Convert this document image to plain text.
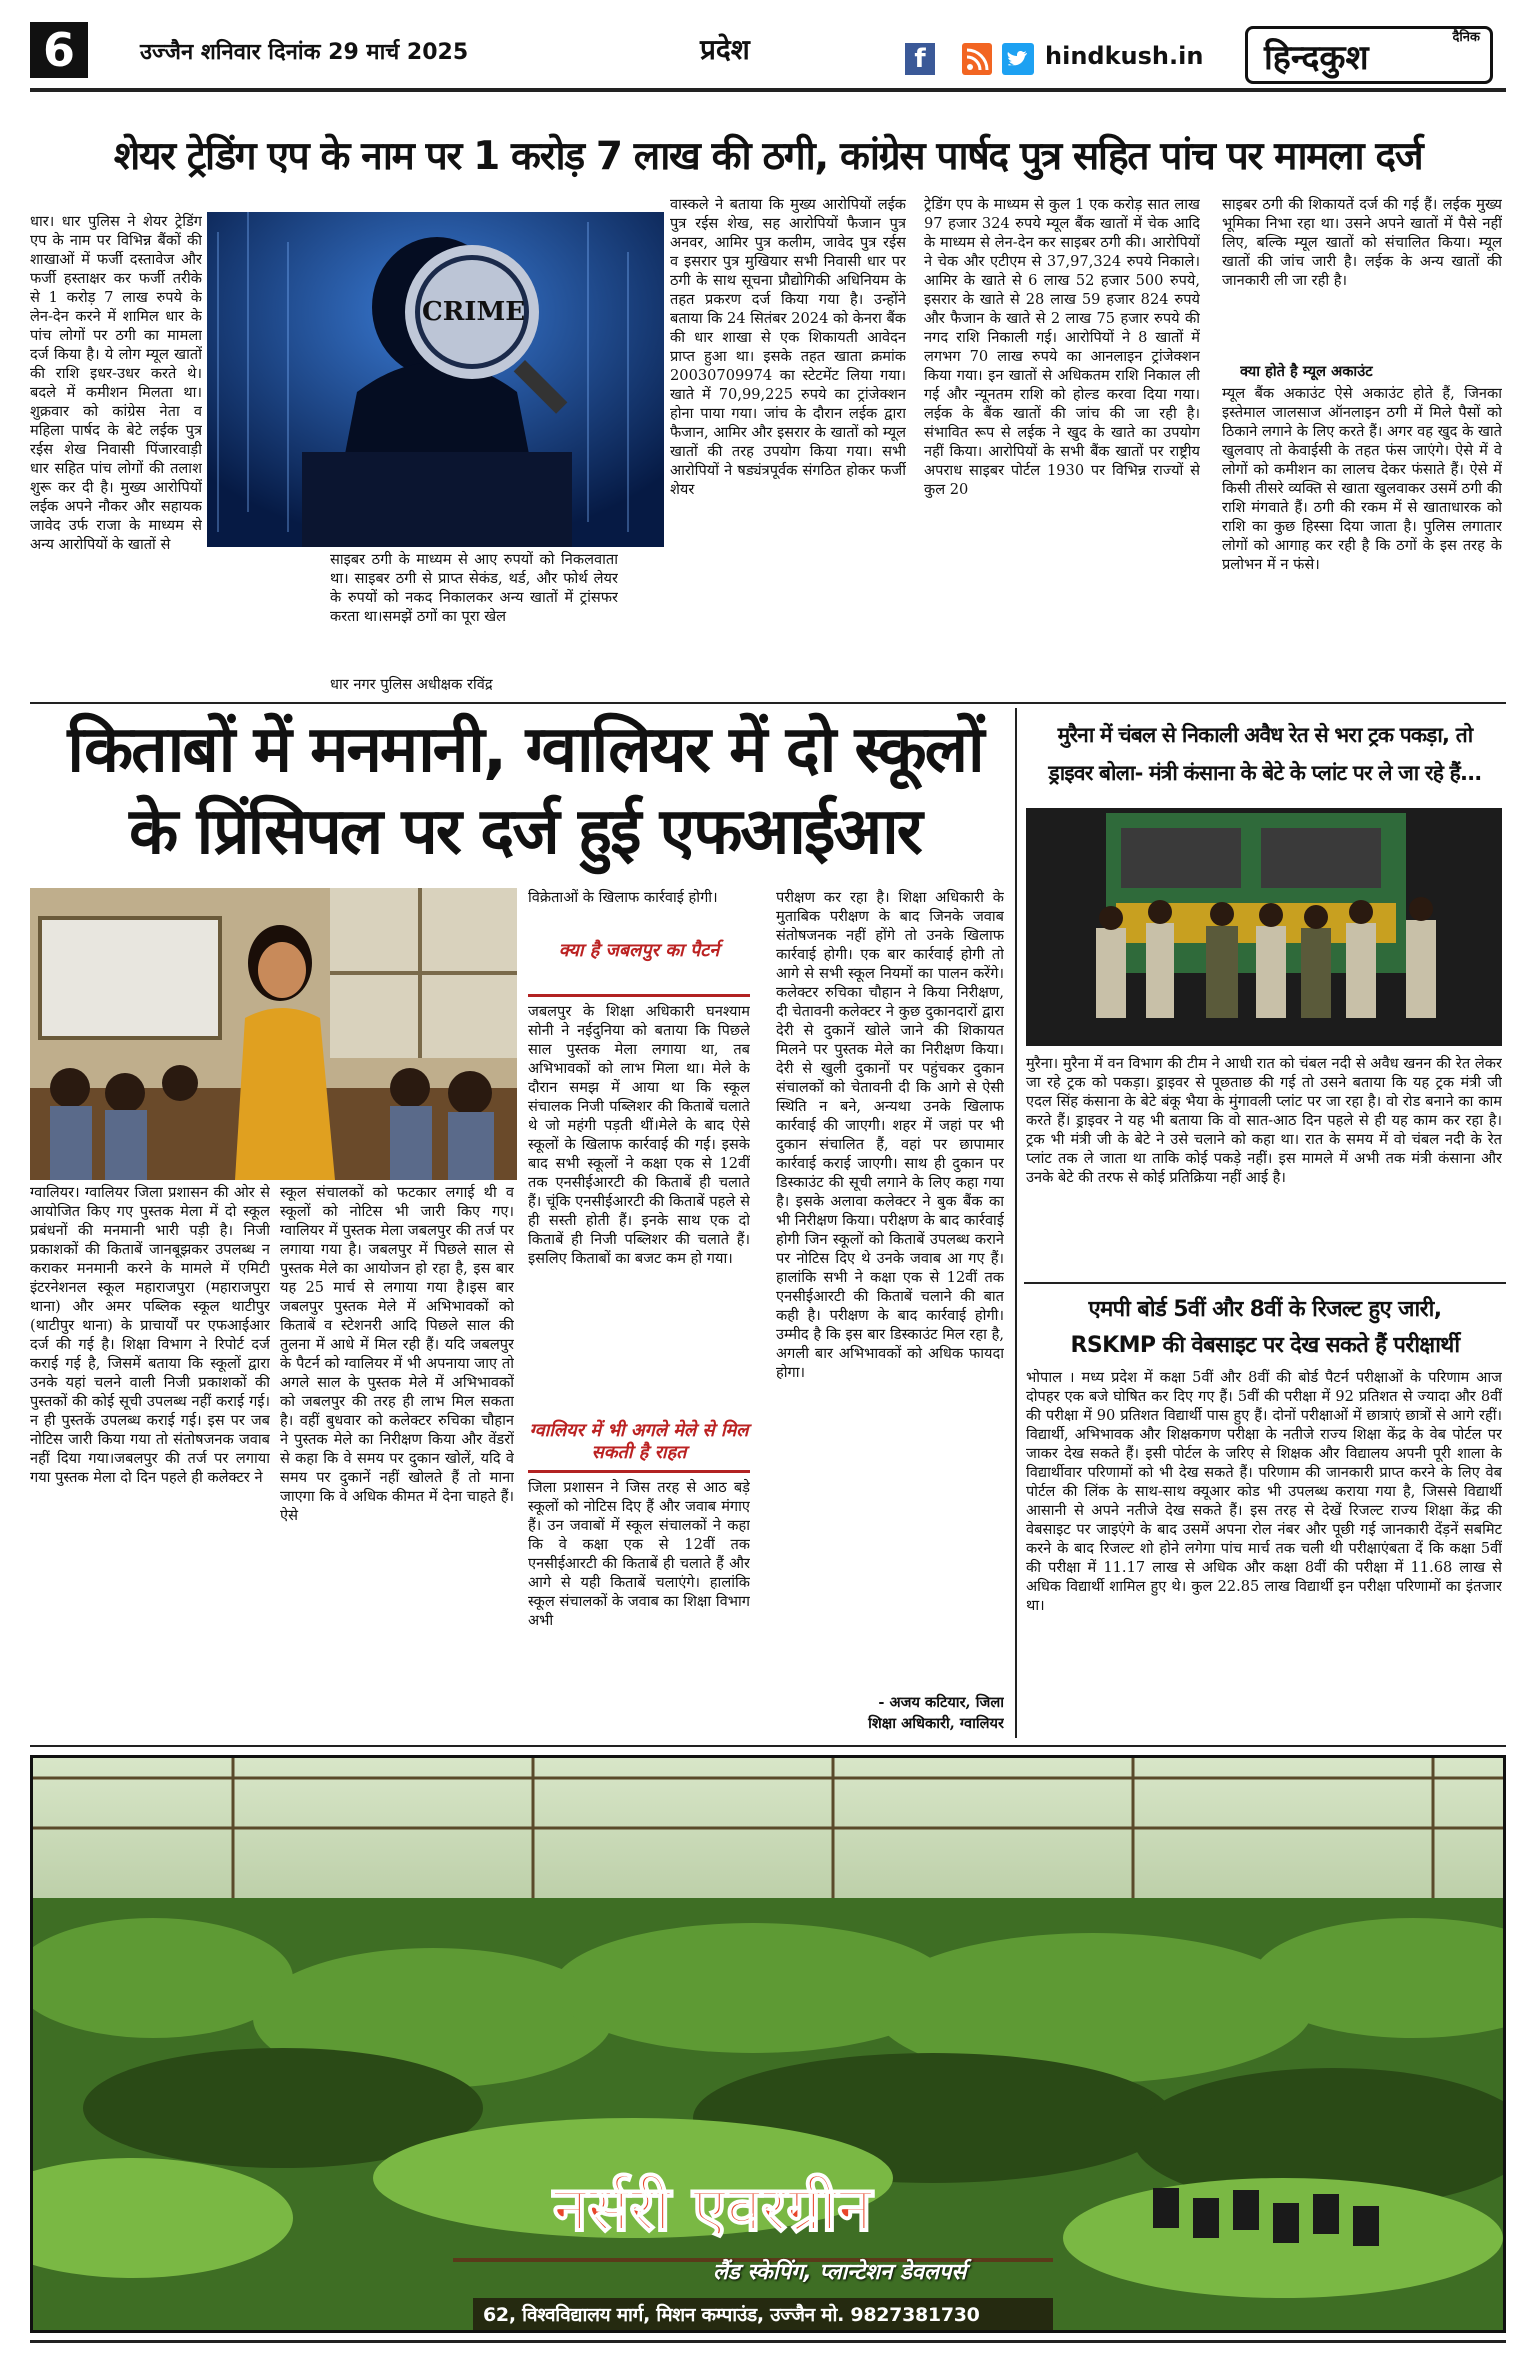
6	उज्जैन शनिवार दिनांक 29 मार्च 2025	प्रदेश	f	hindkush.in
दैनिक
हिन्दकुश
शेयर ट्रेडिंग एप के नाम पर 1 करोड़ 7 लाख की ठगी, कांग्रेस पार्षद पुत्र सहित पांच पर मामला दर्ज
धार। धार पुलिस ने शेयर ट्रेडिंग एप के नाम पर विभिन्न बैंकों की शाखाओं में फर्जी दस्तावेज और फर्जी हस्ताक्षर कर फर्जी तरीके से 1 करोड़ 7 लाख रुपये के लेन-देन करने में शामिल धार के पांच लोगों पर ठगी का मामला दर्ज किया है। ये लोग म्यूल खातों की राशि इधर-उधर करते थे। बदले में कमीशन मिलता था। शुक्रवार को कांग्रेस नेता व महिला पार्षद के बेटे लईक पुत्र रईस शेख निवासी पिंजारवाड़ी धार सहित पांच लोगों की तलाश शुरू कर दी है। मुख्य आरोपियों लईक अपने नौकर और सहायक जावेद उर्फ राजा के माध्यम से अन्य आरोपियों के खातों से
CRIME
साइबर ठगी के माध्यम से आए रुपयों को निकलवाता था। साइबर ठगी से प्राप्त सेकंड, थर्ड, और फोर्थ लेयर के रुपयों को नकद निकालकर अन्य खातों में ट्रांसफर करता था।समझें ठगों का पूरा खेल
धार नगर पुलिस अधीक्षक रविंद्र
वास्कले ने बताया कि मुख्य आरोपियों लईक पुत्र रईस शेख, सह आरोपियों फैजान पुत्र अनवर, आमिर पुत्र कलीम, जावेद पुत्र रईस व इसरार पुत्र मुखियार सभी निवासी धार पर ठगी के साथ सूचना प्रौद्योगिकी अधिनियम के तहत प्रकरण दर्ज किया गया है। उन्होंने बताया कि 24 सितंबर 2024 को केनरा बैंक की धार शाखा से एक शिकायती आवेदन प्राप्त हुआ था। इसके तहत खाता क्रमांक 20030709974 का स्टेटमेंट लिया गया। खाते में 70,99,225 रुपये का ट्रांजेक्शन होना पाया गया। जांच के दौरान लईक द्वारा फैजान, आमिर और इसरार के खातों को म्यूल खातों की तरह उपयोग किया गया। सभी आरोपियों ने षड्यंत्रपूर्वक संगठित होकर फर्जी शेयर
ट्रेडिंग एप के माध्यम से कुल 1 एक करोड़ सात लाख 97 हजार 324 रुपये म्यूल बैंक खातों में चेक आदि के माध्यम से लेन-देन कर साइबर ठगी की। आरोपियों ने चेक और एटीएम से 37,97,324 रुपये निकाले। आमिर के खाते से 6 लाख 52 हजार 500 रुपये, इसरार के खाते से 28 लाख 59 हजार 824 रुपये और फैजान के खाते से 2 लाख 75 हजार रुपये की नगद राशि निकाली गई। आरोपियों ने 8 खातों में लगभग 70 लाख रुपये का आनलाइन ट्रांजेक्शन किया गया। इन खातों से अधिकतम राशि निकाल ली गई और न्यूनतम राशि को होल्ड करवा दिया गया। लईक के बैंक खातों की जांच की जा रही है। संभावित रूप से लईक ने खुद के खाते का उपयोग नहीं किया। आरोपियों के सभी बैंक खातों पर राष्ट्रीय अपराध साइबर पोर्टल 1930 पर विभिन्न राज्यों से कुल 20
साइबर ठगी की शिकायतें दर्ज की गई हैं। लईक मुख्य भूमिका निभा रहा था। उसने अपने खातों में पैसे नहीं लिए, बल्कि म्यूल खातों को संचालित किया। म्यूल खातों की जांच जारी है। लईक के अन्य खातों की जानकारी ली जा रही है।
क्या होते है म्यूल अकाउंट
म्यूल बैंक अकाउंट ऐसे अकाउंट होते हैं, जिनका इस्तेमाल जालसाज ऑनलाइन ठगी में मिले पैसों को ठिकाने लगाने के लिए करते हैं। अगर वह खुद के खाते खुलवाए तो केवाईसी के तहत फंस जाएंगे। ऐसे में वे लोगों को कमीशन का लालच देकर फंसाते हैं। ऐसे में किसी तीसरे व्यक्ति से खाता खुलवाकर उसमें ठगी की राशि मंगवाते हैं। ठगी की रकम में से खाताधारक को राशि का कुछ हिस्सा दिया जाता है। पुलिस लगातार लोगों को आगाह कर रही है कि ठगों के इस तरह के प्रलोभन में न फंसे।
किताबों में मनमानी, ग्वालियर में दो स्कूलों
के प्रिंसिपल पर दर्ज हुई एफआईआर
ग्वालियर। ग्वालियर जिला प्रशासन की ओर से आयोजित किए गए पुस्तक मेला में दो स्कूल प्रबंधनों की मनमानी भारी पड़ी है। निजी प्रकाशकों की किताबें जानबूझकर उपलब्ध न कराकर मनमानी करने के मामले में एमिटी इंटरनेशनल स्कूल महाराजपुरा (महाराजपुरा थाना) और अमर पब्लिक स्कूल थाटीपुर (थाटीपुर थाना) के प्राचार्यों पर एफआईआर दर्ज की गई है। शिक्षा विभाग ने रिपोर्ट दर्ज कराई गई है, जिसमें बताया कि स्कूलों द्वारा उनके यहां चलने वाली निजी प्रकाशकों की पुस्तकों की कोई सूची उपलब्ध नहीं कराई गई। न ही पुस्तकें उपलब्ध कराई गई। इस पर जब नोटिस जारी किया गया तो संतोषजनक जवाब नहीं दिया गया।जबलपुर की तर्ज पर लगाया गया पुस्तक मेला दो दिन पहले ही कलेक्टर ने
स्कूल संचालकों को फटकार लगाई थी व स्कूलों को नोटिस भी जारी किए गए। ग्वालियर में पुस्तक मेला जबलपुर की तर्ज पर लगाया गया है। जबलपुर में पिछले साल से पुस्तक मेले का आयोजन हो रहा है, इस बार यह 25 मार्च से लगाया गया है।इस बार जबलपुर पुस्तक मेले में अभिभावकों को किताबें व स्टेशनरी आदि पिछले साल की तुलना में आधे में मिल रही हैं। यदि जबलपुर के पैटर्न को ग्वालियर में भी अपनाया जाए तो अगले साल के पुस्तक मेले में अभिभावकों को जबलपुर की तरह ही लाभ मिल सकता है। वहीं बुधवार को कलेक्टर रुचिका चौहान ने पुस्तक मेले का निरीक्षण किया और वेंडरों से कहा कि वे समय पर दुकान खोलें, यदि वे समय पर दुकानें नहीं खोलते हैं तो माना जाएगा कि वे अधिक कीमत में देना चाहते हैं। ऐसे
विक्रेताओं के खिलाफ कार्रवाई होगी।
क्या है जबलपुर का पैटर्न
जबलपुर के शिक्षा अधिकारी घनश्याम सोनी ने नईदुनिया को बताया कि पिछले साल पुस्तक मेला लगाया था, तब अभिभावकों को लाभ मिला था। मेले के दौरान समझ में आया था कि स्कूल संचालक निजी पब्लिशर की किताबें चलाते थे जो महंगी पड़ती थीं।मेले के बाद ऐसे स्कूलों के खिलाफ कार्रवाई की गई। इसके बाद सभी स्कूलों ने कक्षा एक से 12वीं तक एनसीईआरटी की किताबें ही चलाते हैं। चूंकि एनसीईआरटी की किताबें पहले से ही सस्ती होती हैं। इनके साथ एक दो किताबें ही निजी पब्लिशर की चलाते हैं। इसलिए किताबों का बजट कम हो गया।
ग्वालियर में भी अगले मेले से मिल सकती है राहत
जिला प्रशासन ने जिस तरह से आठ बड़े स्कूलों को नोटिस दिए हैं और जवाब मंगाए हैं। उन जवाबों में स्कूल संचालकों ने कहा कि वे कक्षा एक से 12वीं तक एनसीईआरटी की किताबें ही चलाते हैं और आगे से यही किताबें चलाएंगे। हालांकि स्कूल संचालकों के जवाब का शिक्षा विभाग अभी
परीक्षण कर रहा है। शिक्षा अधिकारी के मुताबिक परीक्षण के बाद जिनके जवाब संतोषजनक नहीं होंगे तो उनके खिलाफ कार्रवाई होगी। एक बार कार्रवाई होगी तो आगे से सभी स्कूल नियमों का पालन करेंगे। कलेक्टर रुचिका चौहान ने किया निरीक्षण, दी चेतावनी कलेक्टर ने कुछ दुकानदारों द्वारा देरी से दुकानें खोले जाने की शिकायत मिलने पर पुस्तक मेले का निरीक्षण किया। देरी से खुली दुकानों पर पहुंचकर दुकान संचालकों को चेतावनी दी कि आगे से ऐसी स्थिति न बने, अन्यथा उनके खिलाफ कार्रवाई की जाएगी। शहर में जहां पर भी दुकान संचालित हैं, वहां पर छापामार कार्रवाई कराई जाएगी। साथ ही दुकान पर डिस्काउंट की सूची लगाने के लिए कहा गया है। इसके अलावा कलेक्टर ने बुक बैंक का भी निरीक्षण किया। परीक्षण के बाद कार्रवाई होगी जिन स्कूलों को किताबें उपलब्ध कराने पर नोटिस दिए थे उनके जवाब आ गए हैं। हालांकि सभी ने कक्षा एक से 12वीं तक एनसीईआरटी की किताबें चलाने की बात कही है। परीक्षण के बाद कार्रवाई होगी। उम्मीद है कि इस बार डिस्काउंट मिल रहा है, अगली बार अभिभावकों को अधिक फायदा होगा।
- अजय कटियार, जिला
शिक्षा अधिकारी, ग्वालियर
मुरैना में चंबल से निकाली अवैध रेत से भरा ट्रक पकड़ा, तो
ड्राइवर बोला- मंत्री कंसाना के बेटे के प्लांट पर ले जा रहे हैं...
मुरैना। मुरैना में वन विभाग की टीम ने आधी रात को चंबल नदी से अवैध खनन की रेत लेकर जा रहे ट्रक को पकड़ा। ड्राइवर से पूछताछ की गई तो उसने बताया कि यह ट्रक मंत्री जी एदल सिंह कंसाना के बेटे बंकू भैया के मुंगावली प्लांट पर जा रहा है। वो रोड बनाने का काम करते हैं। ड्राइवर ने यह भी बताया कि वो सात-आठ दिन पहले से ही यह काम कर रहा है। ट्रक भी मंत्री जी के बेटे ने उसे चलाने को कहा था। रात के समय में वो चंबल नदी के रेत प्लांट तक ले जाता था ताकि कोई पकड़े नहीं। इस मामले में अभी तक मंत्री कंसाना और उनके बेटे की तरफ से कोई प्रतिक्रिया नहीं आई है।
एमपी बोर्ड 5वीं और 8वीं के रिजल्ट हुए जारी,
RSKMP की वेबसाइट पर देख सकते हैं परीक्षार्थी
भोपाल । मध्य प्रदेश में कक्षा 5वीं और 8वीं की बोर्ड पैटर्न परीक्षाओं के परिणाम आज दोपहर एक बजे घोषित कर दिए गए हैं। 5वीं की परीक्षा में 92 प्रतिशत से ज्यादा और 8वीं की परीक्षा में 90 प्रतिशत विद्यार्थी पास हुए हैं। दोनों परीक्षाओं में छात्राएं छात्रों से आगे रहीं। विद्यार्थी, अभिभावक और शिक्षकगण परीक्षा के नतीजे राज्य शिक्षा केंद्र के वेब पोर्टल पर जाकर देख सकते हैं। इसी पोर्टल के जरिए से शिक्षक और विद्यालय अपनी पूरी शाला के विद्यार्थीवार परिणामों को भी देख सकते हैं। परिणाम की जानकारी प्राप्त करने के लिए वेब पोर्टल की लिंक के साथ-साथ क्यूआर कोड भी उपलब्ध कराया गया है, जिससे विद्यार्थी आसानी से अपने नतीजे देख सकते हैं। इस तरह से देखें रिजल्ट राज्य शिक्षा केंद्र की वेबसाइट पर जाइएंगे के बाद उसमें अपना रोल नंबर और पूछी गई जानकारी देंड़नें सबमिट करने के बाद रिजल्ट शो होने लगेगा पांच मार्च तक चली थी परीक्षाएंबता दें कि कक्षा 5वीं की परीक्षा में 11.17 लाख से अधिक और कक्षा 8वीं की परीक्षा में 11.68 लाख से अधिक विद्यार्थी शामिल हुए थे। कुल 22.85 लाख विद्यार्थी इन परीक्षा परिणामों का इंतजार था।
नर्सरी एवरग्रीन
लैंड स्केपिंग, प्लान्टेशन डेवलपर्स
62, विश्वविद्यालय मार्ग, मिशन कम्पाउंड, उज्जैन मो. 9827381730
